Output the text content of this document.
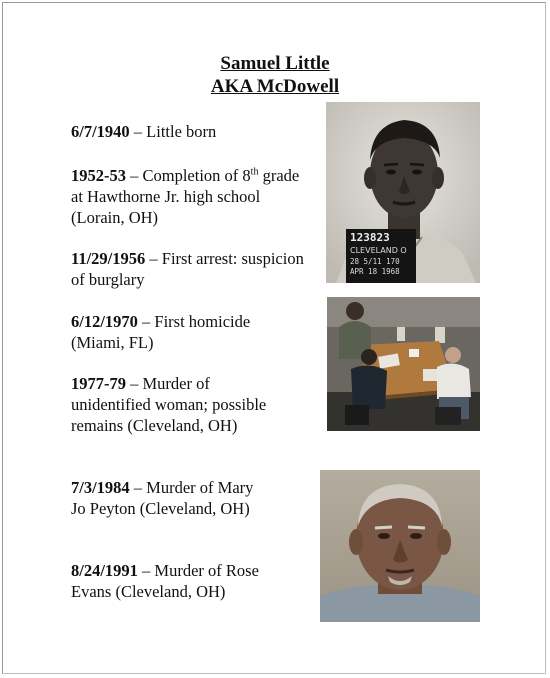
Samuel Little
AKA McDowell
6/7/1940 – Little born
1952-53 – Completion of 8th grade at Hawthorne Jr. high school (Lorain, OH)
11/29/1956 – First arrest: suspicion of burglary
6/12/1970 – First homicide (Miami, FL)
1977-79 – Murder of unidentified woman; possible remains (Cleveland, OH)
7/3/1984 – Murder of Mary Jo Peyton (Cleveland, OH)
8/24/1991 – Murder of Rose Evans (Cleveland, OH)
123823
CLEVELAND O
28 5/11 170
APR 18 1968
